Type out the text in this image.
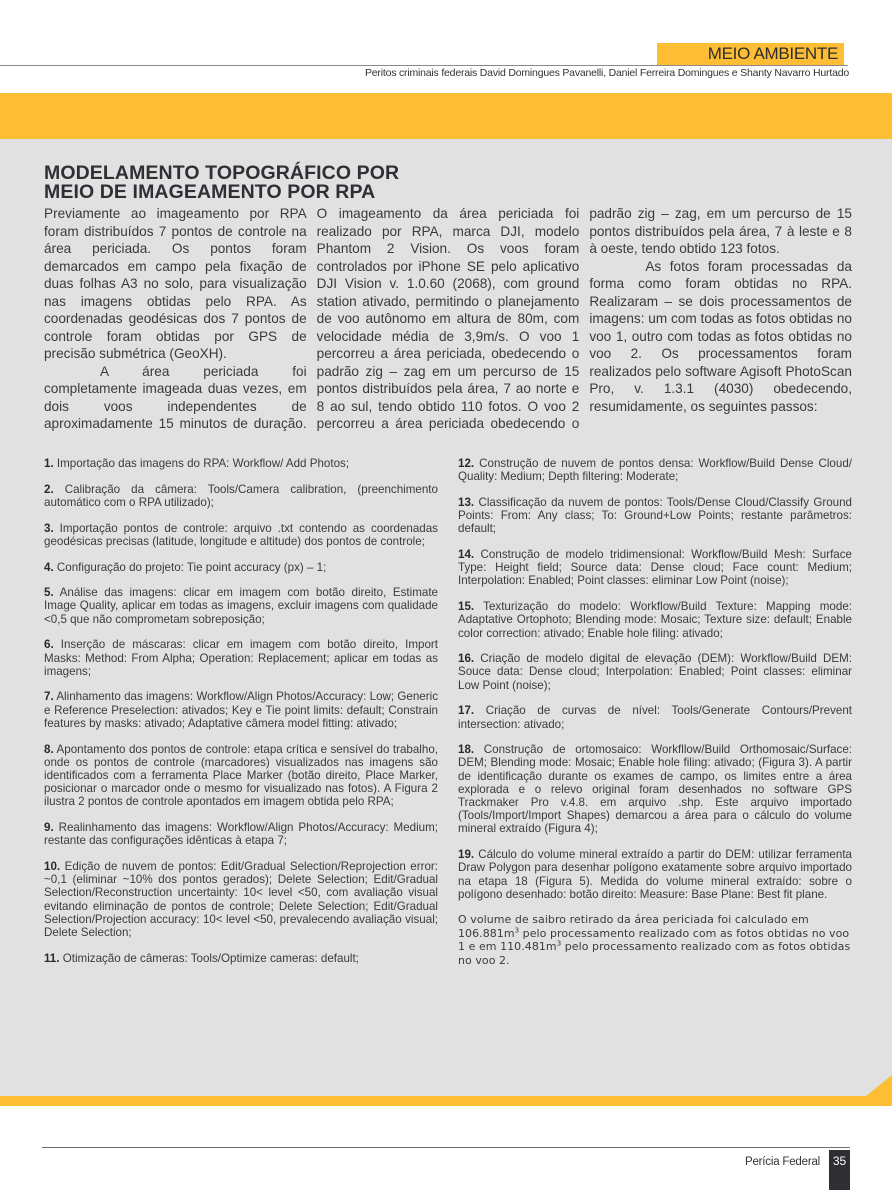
MEIO AMBIENTE
Peritos criminais federais David Domingues Pavanelli, Daniel Ferreira Domingues e Shanty Navarro Hurtado
MODELAMENTO TOPOGRÁFICO POR
MEIO DE IMAGEAMENTO POR RPA

Previamente ao imageamento por RPA foram distribuídos 7 pontos de controle na área periciada. Os pontos foram demarcados em campo pela fixação de duas folhas A3 no solo, para visualização nas imagens obtidas pelo RPA. As coordenadas geodésicas dos 7 pontos de controle foram obtidas por GPS de precisão submétrica (GeoXH).

A área periciada foi completamente imageada duas vezes, em dois voos independentes de aproximadamente 15 minutos de duração. O imageamento da área periciada foi realizado por RPA, marca DJI, modelo Phantom 2 Vision. Os voos foram controlados por iPhone SE pelo aplicativo DJI Vision v. 1.0.60 (2068), com ground station ativado, permitindo o planejamento de voo autônomo em altura de 80m, com velocidade média de 3,9m/s. O voo 1 percorreu a área periciada, obedecendo o padrão zig – zag em um percurso de 15 pontos distribuídos pela área, 7 ao norte e 8 ao sul, tendo obtido 110 fotos. O voo 2 percorreu a área periciada obedecendo o padrão zig – zag, em um percurso de 15 pontos distribuídos pela área, 7 à leste e 8 à oeste, tendo obtido 123 fotos.

As fotos foram processadas da forma como foram obtidas no RPA. Realizaram – se dois processamentos de imagens: um com todas as fotos obtidas no voo 1, outro com todas as fotos obtidas no voo 2. Os processamentos foram realizados pelo software Agisoft PhotoScan Pro, v. 1.3.1 (4030) obedecendo, resumidamente, os seguintes passos:

1. Importação das imagens do RPA: Workflow/ Add Photos;

2. Calibração da câmera: Tools/Camera calibration, (preenchimento automático com o RPA utilizado);

3. Importação pontos de controle: arquivo .txt contendo as coordenadas geodésicas precisas (latitude, longitude e altitude) dos pontos de controle;

4. Configuração do projeto: Tie point accuracy (px) – 1;

5. Análise das imagens: clicar em imagem com botão direito, Estimate Image Quality, aplicar em todas as imagens, excluir imagens com qualidade <0,5 que não comprometam sobreposição;

6. Inserção de máscaras: clicar em imagem com botão direito, Import Masks: Method: From Alpha; Operation: Replacement; aplicar em todas as imagens;

7. Alinhamento das imagens: Workflow/Align Photos/Accuracy: Low; Generic e Reference Preselection: ativados; Key e Tie point limits: default; Constrain features by masks: ativado; Adaptative câmera model fitting: ativado;

8. Apontamento dos pontos de controle: etapa crítica e sensível do trabalho, onde os pontos de controle (marcadores) visualizados nas imagens são identificados com a ferramenta Place Marker (botão direito, Place Marker, posicionar o marcador onde o mesmo for visualizado nas fotos). A Figura 2 ilustra 2 pontos de controle apontados em imagem obtida pelo RPA;

9. Realinhamento das imagens: Workflow/Align Photos/Accuracy: Medium; restante das configurações idênticas à etapa 7;

10. Edição de nuvem de pontos: Edit/Gradual Selection/Reprojection error: ~0,1 (eliminar ~10% dos pontos gerados); Delete Selection; Edit/Gradual Selection/Reconstruction uncertainty: 10< level <50, com avaliação visual evitando eliminação de pontos de controle; Delete Selection; Edit/Gradual Selection/Projection accuracy: 10< level <50, prevalecendo avaliação visual; Delete Selection;

11. Otimização de câmeras: Tools/Optimize cameras: default;

12. Construção de nuvem de pontos densa: Workflow/Build Dense Cloud/ Quality: Medium; Depth filtering: Moderate;

13. Classificação da nuvem de pontos: Tools/Dense Cloud/Classify Ground Points: From: Any class; To: Ground+Low Points; restante parâmetros: default;

14. Construção de modelo tridimensional: Workflow/Build Mesh: Surface Type: Height field; Source data: Dense cloud; Face count: Medium; Interpolation: Enabled; Point classes: eliminar Low Point (noise);

15. Texturização do modelo: Workflow/Build Texture: Mapping mode: Adaptative Ortophoto; Blending mode: Mosaic; Texture size: default; Enable color correction: ativado; Enable hole filing: ativado;

16. Criação de modelo digital de elevação (DEM): Workflow/Build DEM: Souce data: Dense cloud; Interpolation: Enabled; Point classes: eliminar Low Point (noise);

17. Criação de curvas de nível: Tools/Generate Contours/Prevent intersection: ativado;

18. Construção de ortomosaico: Workfllow/Build Orthomosaic/Surface: DEM; Blending mode: Mosaic; Enable hole filing: ativado; (Figura 3). A partir de identificação durante os exames de campo, os limites entre a área explorada e o relevo original foram desenhados no software GPS Trackmaker Pro v.4.8. em arquivo .shp. Este arquivo importado (Tools/Import/Import Shapes) demarcou a área para o cálculo do volume mineral extraído (Figura 4);

19. Cálculo do volume mineral extraído a partir do DEM: utilizar ferramenta Draw Polygon para desenhar polígono exatamente sobre arquivo importado na etapa 18 (Figura 5). Medida do volume mineral extraído: sobre o polígono desenhado: botão direito: Measure: Base Plane: Best fit plane.

O volume de saibro retirado da área periciada foi calculado em $106.881m^3$ pelo processamento realizado com as fotos obtidas no voo 1 e em $110.481m^3$ pelo processamento realizado com as fotos obtidas no voo 2.

Perícia Federal	35
